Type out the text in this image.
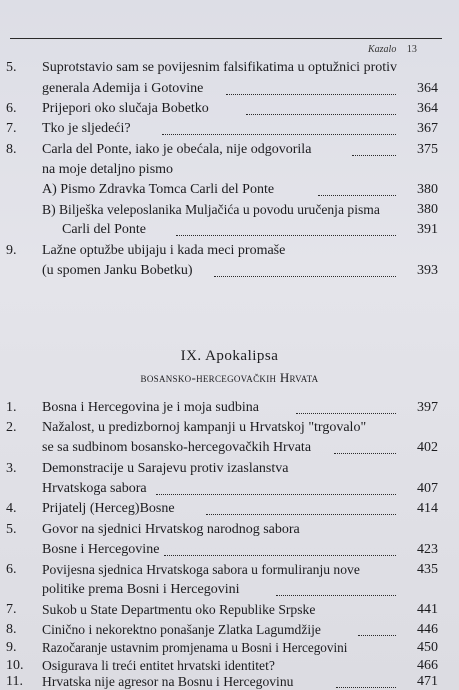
Kazalo 13
5. Suprotstavio sam se povijesnim falsifikatima u optužnici protiv
generala Ademija i Gotovine	364
6. Prijepori oko slučaja Bobetko	364
7. Tko je sljedeći?	367
8. Carla del Ponte, iako je obećala, nije odgovorila	375
na moje detaljno pismo
A) Pismo Zdravka Tomca Carli del Ponte	380
B) Bilješka veleposlanika Muljačića u povodu uručenja pisma	380
Carli del Ponte	391
9. Lažne optužbe ubijaju i kada meci promaše
(u spomen Janku Bobetku)	393
IX. Apokalipsa
bosansko-hercegovačkih Hrvata
1. Bosna i Hercegovina je i moja sudbina	397
2. Nažalost, u predizbornoj kampanji u Hrvatskoj "trgovalo"
se sa sudbinom bosansko-hercegovačkih Hrvata	402
3. Demonstracije u Sarajevu protiv izaslanstva
Hrvatskoga sabora	407
4. Prijatelj (Herceg)Bosne	414
5. Govor na sjednici Hrvatskog narodnog sabora
Bosne i Hercegovine	423
6. Povijesna sjednica Hrvatskoga sabora u formuliranju nove	435
politike prema Bosni i Hercegovini
7. Sukob u State Departmentu oko Republike Srpske	441
8. Cinično i nekorektno ponašanje Zlatka Lagumdžije	446
9. Razočaranje ustavnim promjenama u Bosni i Hercegovini	450
10. Osigurava li treći entitet hrvatski identitet?	466
11. Hrvatska nije agresor na Bosnu i Hercegovinu	471
